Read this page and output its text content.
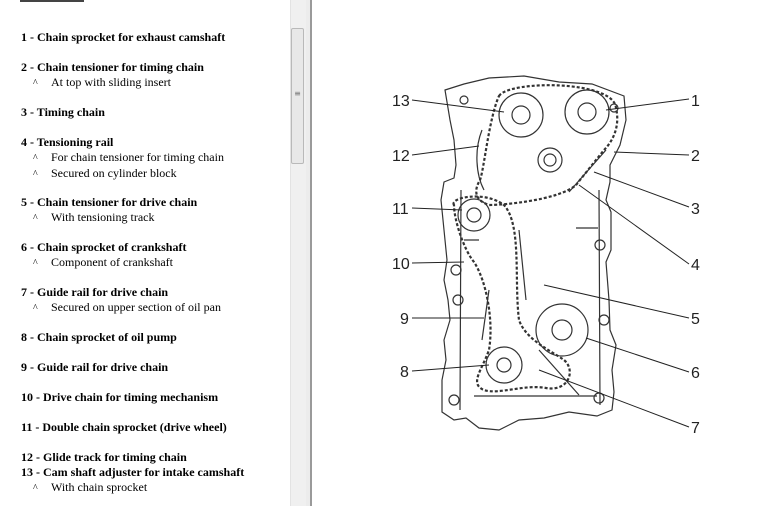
1 - Chain sprocket for exhaust camshaft
2 - Chain tensioner for timing chain
^ At top with sliding insert
3 - Timing chain
4 - Tensioning rail
^ For chain tensioner for timing chain
^ Secured on cylinder block
5 - Chain tensioner for drive chain
^ With tensioning track
6 - Chain sprocket of crankshaft
^ Component of crankshaft
7 - Guide rail for drive chain
^ Secured on upper section of oil pan
8 - Chain sprocket of oil pump
9 - Guide rail for drive chain
10 - Drive chain for timing mechanism
11 - Double chain sprocket (drive wheel)
12 - Glide track for timing chain
13 - Cam shaft adjuster for intake camshaft
^ With chain sprocket
≡	13	1
12	2
11	3
10	4
9	5
8	6
7
